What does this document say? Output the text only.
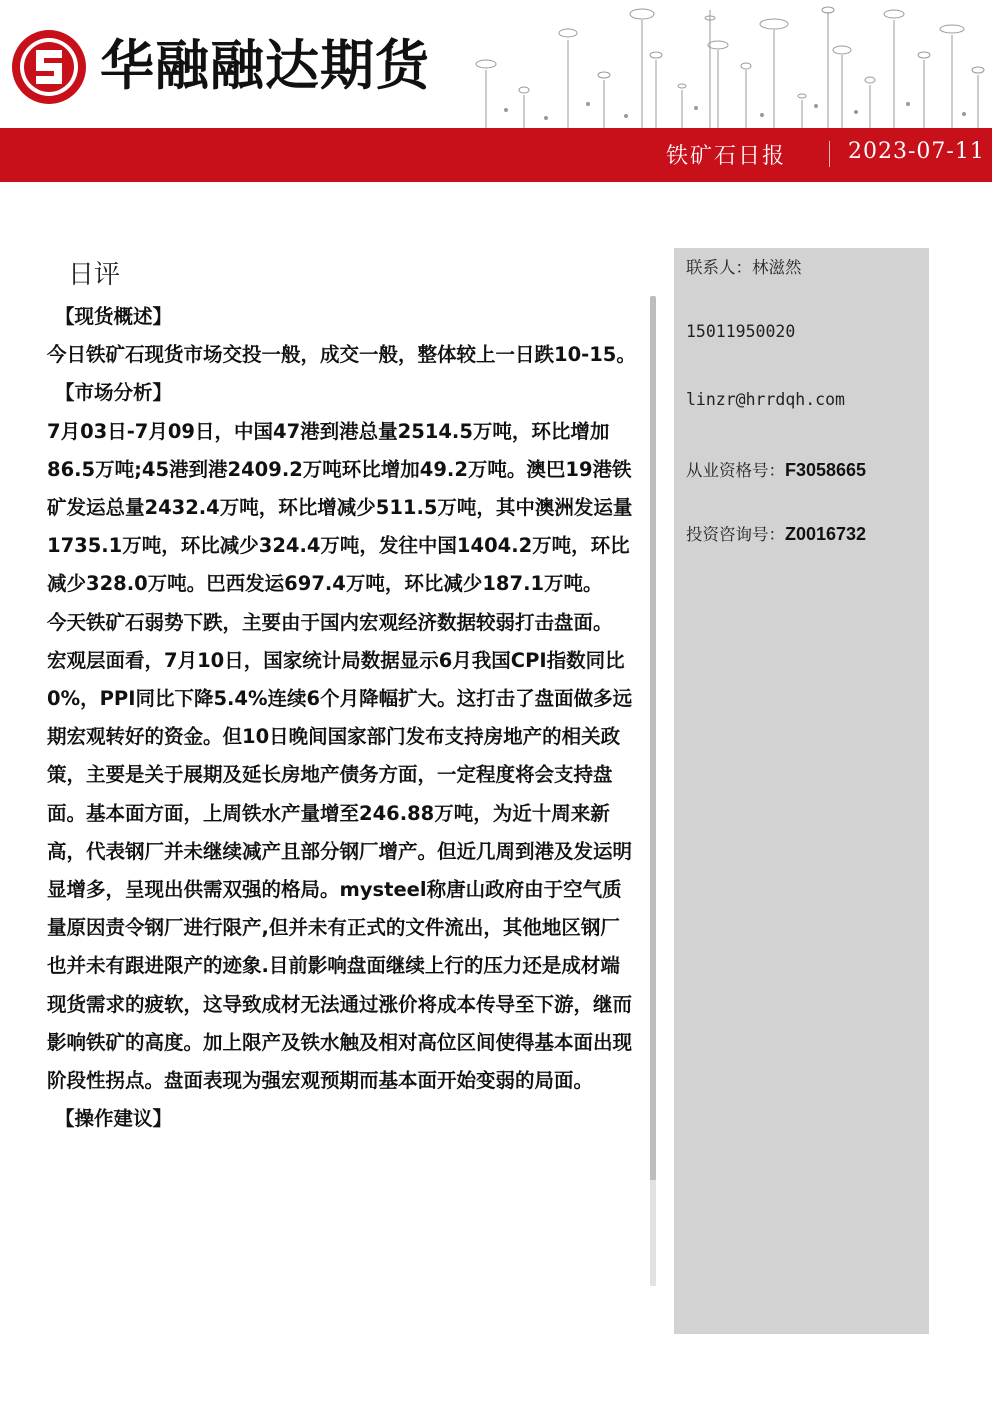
华融融达期货
铁矿石日报	2023-07-11
日评

【现货概述】

今日铁矿石现货市场交投一般，成交一般，整体较上一日跌10-15。

【市场分析】

7月03日-7月09日，中国47港到港总量2514.5万吨，环比增加86.5万吨;45港到港2409.2万吨环比增加49.2万吨。澳巴19港铁矿发运总量2432.4万吨，环比增减少511.5万吨，其中澳洲发运量1735.1万吨，环比减少324.4万吨，发往中国1404.2万吨，环比减少328.0万吨。巴西发运697.4万吨，环比减少187.1万吨。

今天铁矿石弱势下跌，主要由于国内宏观经济数据较弱打击盘面。

宏观层面看，7月10日，国家统计局数据显示6月我国CPI指数同比0%，PPI同比下降5.4%连续6个月降幅扩大。这打击了盘面做多远期宏观转好的资金。但10日晚间国家部门发布支持房地产的相关政策，主要是关于展期及延长房地产债务方面，一定程度将会支持盘面。基本面方面，上周铁水产量增至246.88万吨，为近十周来新高，代表钢厂并未继续减产且部分钢厂增产。但近几周到港及发运明显增多，呈现出供需双强的格局。mysteel称唐山政府由于空气质量原因责令钢厂进行限产,但并未有正式的文件流出，其他地区钢厂也并未有跟进限产的迹象.目前影响盘面继续上行的压力还是成材端现货需求的疲软，这导致成材无法通过涨价将成本传导至下游，继而影响铁矿的高度。加上限产及铁水触及相对高位区间使得基本面出现阶段性拐点。盘面表现为强宏观预期而基本面开始变弱的局面。

【操作建议】

联系人：林滋然
15011950020
linzr@hrrdqh.com
从业资格号：F3058665
投资咨询号：Z0016732
